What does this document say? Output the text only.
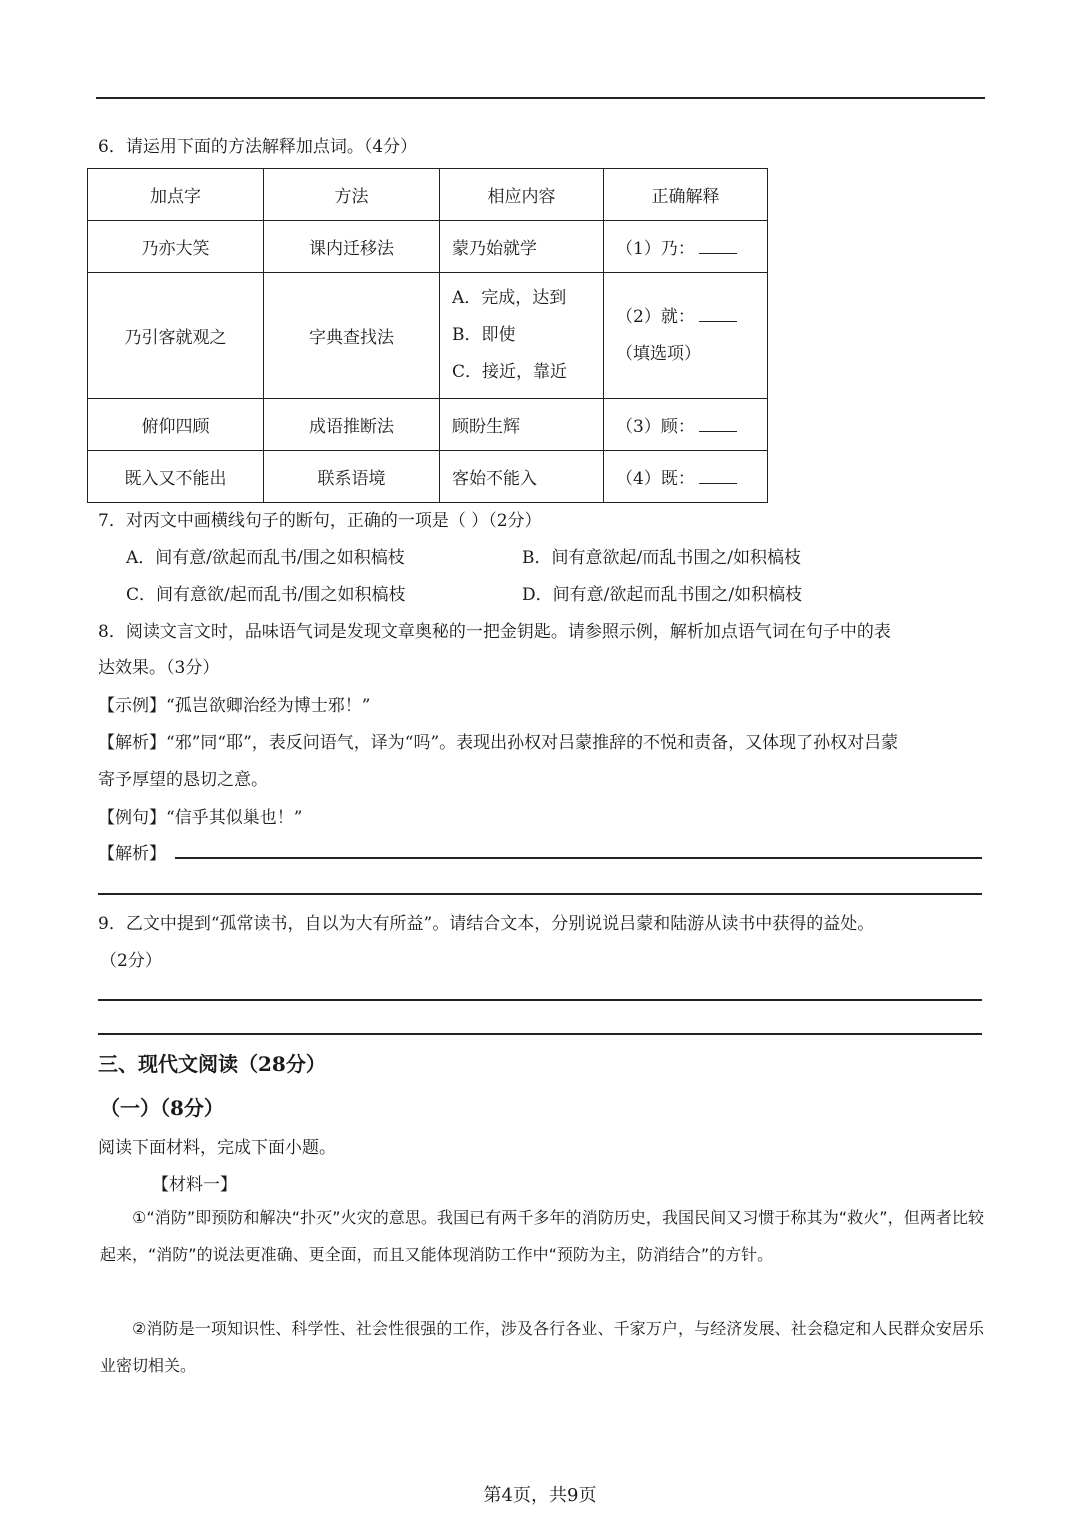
6．请运用下面的方法解释加点词。（4分）
加点字	方法	相应内容	正确解释
乃亦大笑	课内迁移法	蒙乃始就学	（1）乃：
乃引客就观之	字典查找法	A．完成，达到
B．即使
C．接近，靠近	（2）就：
（填选项）

俯仰四顾	成语推断法	顾盼生辉	（3）顾：
既入又不能出	联系语境	客始不能入	（4）既：
7．对丙文中画横线句子的断句，正确的一项是（ ）（2分）
A．间有意/欲起而乱书/围之如积槁枝	B．间有意欲起/而乱书围之/如积槁枝
C．间有意欲/起而乱书/围之如积槁枝	D．间有意/欲起而乱书围之/如积槁枝
8．阅读文言文时，品味语气词是发现文章奥秘的一把金钥匙。请参照示例，解析加点语气词在句子中的表
达效果。（3分）
【示例】“孤岂欲卿治经为博士邪！”
【解析】“邪”同“耶”，表反问语气，译为“吗”。表现出孙权对吕蒙推辞的不悦和责备，又体现了孙权对吕蒙
寄予厚望的恳切之意。
【例句】“信乎其似巢也！”
【解析】
9．乙文中提到“孤常读书，自以为大有所益”。请结合文本，分别说说吕蒙和陆游从读书中获得的益处。
（2分）
三、现代文阅读（28分）
（一）（8分）
阅读下面材料，完成下面小题。
【材料一】
①“消防”即预防和解决“扑灭”火灾的意思。我国已有两千多年的消防历史，我国民间又习惯于称其为“救火”，但两者比较起来，“消防”的说法更准确、更全面，而且又能体现消防工作中“预防为主，防消结合”的方针。
②消防是一项知识性、科学性、社会性很强的工作，涉及各行各业、千家万户，与经济发展、社会稳定和人民群众安居乐业密切相关。
第4页，共9页
